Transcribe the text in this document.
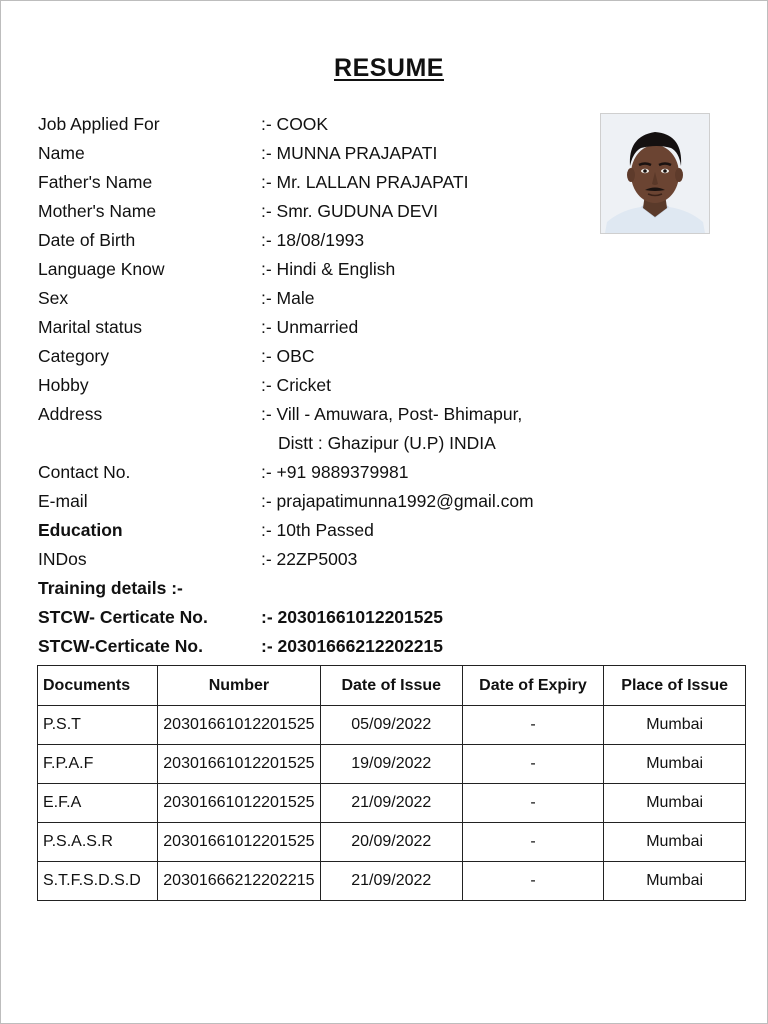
RESUME
Job Applied For	:- COOK
Name	:- MUNNA PRAJAPATI
Father's Name	:- Mr. LALLAN PRAJAPATI
Mother's Name	:- Smr. GUDUNA DEVI
Date of Birth	:- 18/08/1993
Language Know	:- Hindi & English
Sex	:- Male
Marital status	:- Unmarried
Category	:- OBC
Hobby	:- Cricket
Address	:- Vill - Amuwara, Post- Bhimapur,
Distt : Ghazipur (U.P) INDIA
Contact No.	:- +91 9889379981
E-mail	:- prajapatimunna1992@gmail.com
Education	:- 10th Passed
INDos	:- 22ZP5003
Training details :-
STCW- Certicate No.	:- 20301661012201525
STCW-Certicate No.	:- 20301666212202215
Documents	Number	Date of Issue	Date of Expiry	Place of Issue
P.S.T	20301661012201525	05/09/2022	-	Mumbai
F.P.A.F	20301661012201525	19/09/2022	-	Mumbai
E.F.A	20301661012201525	21/09/2022	-	Mumbai
P.S.A.S.R	20301661012201525	20/09/2022	-	Mumbai
S.T.F.S.D.S.D	20301666212202215	21/09/2022	-	Mumbai
